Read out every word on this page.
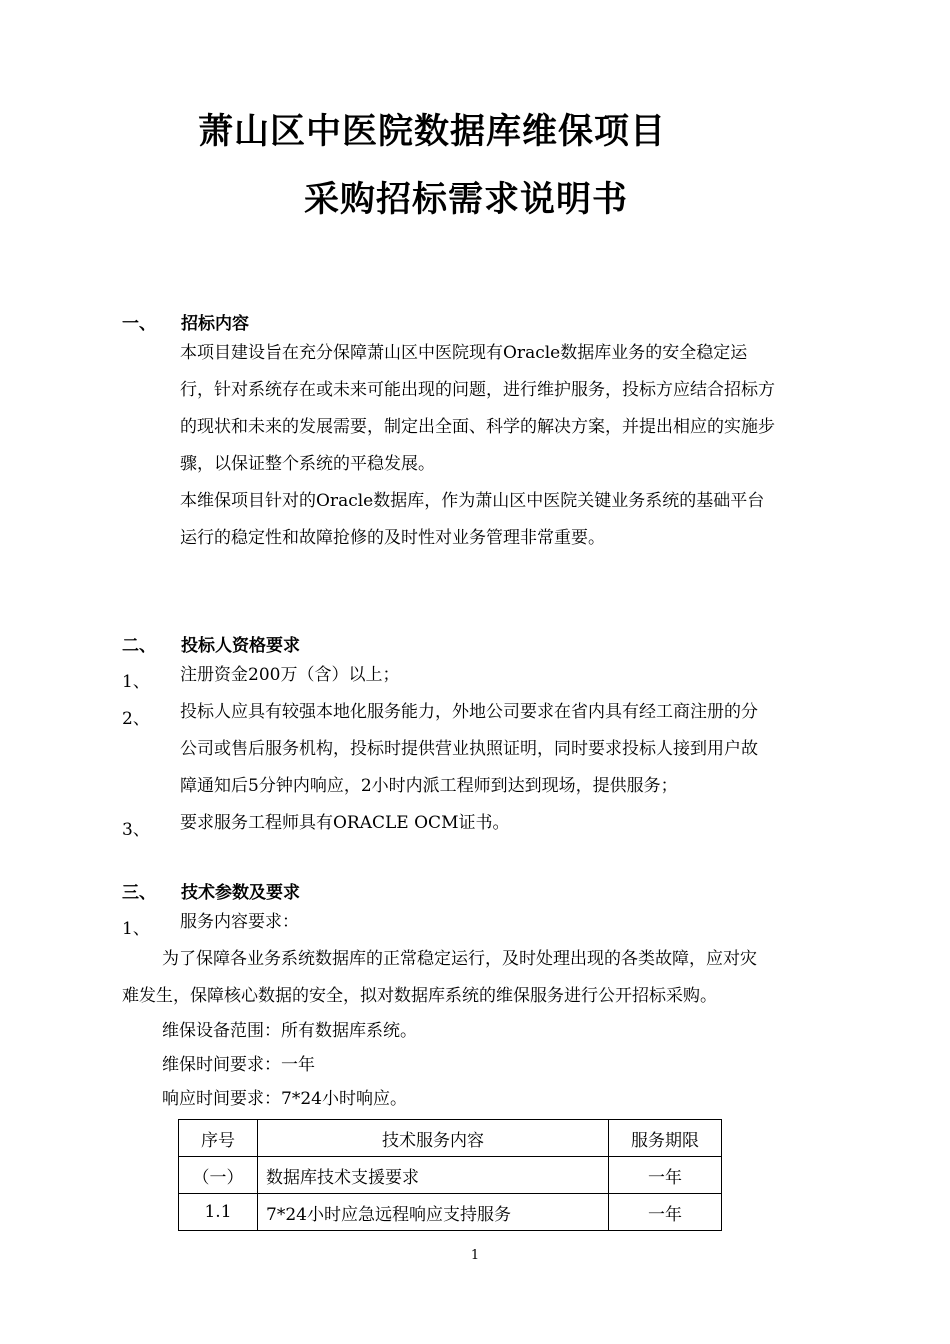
萧山区中医院数据库维保项目
采购招标需求说明书
一、 招标内容
本项目建设旨在充分保障萧山区中医院现有Oracle数据库业务的安全稳定运
行，针对系统存在或未来可能出现的问题，进行维护服务，投标方应结合招标方
的现状和未来的发展需要，制定出全面、科学的解决方案，并提出相应的实施步
骤，以保证整个系统的平稳发展。
本维保项目针对的Oracle数据库，作为萧山区中医院关键业务系统的基础平台
运行的稳定性和故障抢修的及时性对业务管理非常重要。
二、 投标人资格要求
1、 注册资金200万（含）以上；
2、 投标人应具有较强本地化服务能力，外地公司要求在省内具有经工商注册的分
公司或售后服务机构，投标时提供营业执照证明，同时要求投标人接到用户故
障通知后5分钟内响应，2小时内派工程师到达到现场，提供服务；
3、 要求服务工程师具有ORACLE OCM证书。
三、 技术参数及要求
1、 服务内容要求：
为了保障各业务系统数据库的正常稳定运行，及时处理出现的各类故障，应对灾
难发生，保障核心数据的安全，拟对数据库系统的维保服务进行公开招标采购。
维保设备范围：所有数据库系统。
维保时间要求：一年
响应时间要求：7*24小时响应。
序号	技术服务内容	服务期限
（一）	数据库技术支援要求	一年
1.1	7*24小时应急远程响应支持服务	一年
1
